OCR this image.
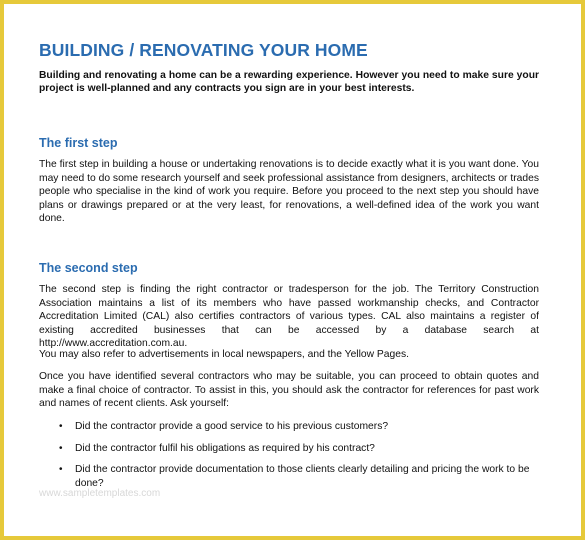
BUILDING / RENOVATING YOUR HOME

Building and renovating a home can be a rewarding experience. However you need to make sure your project is well-planned and any contracts you sign are in your best interests.

The first step

The first step in building a house or undertaking renovations is to decide exactly what it is you want done. You may need to do some research yourself and seek professional assistance from designers, architects or trades people who specialise in the kind of work you require. Before you proceed to the next step you should have plans or drawings prepared or at the very least, for renovations, a well-defined idea of the work you want done.

The second step

The second step is finding the right contractor or tradesperson for the job. The Territory Construction Association maintains a list of its members who have passed workmanship checks, and Contractor Accreditation Limited (CAL) also certifies contractors of various types. CAL also maintains a register of existing accredited businesses that can be accessed by a database search at http://www.accreditation.com.au.

You may also refer to advertisements in local newspapers, and the Yellow Pages.

Once you have identified several contractors who may be suitable, you can proceed to obtain quotes and make a final choice of contractor. To assist in this, you should ask the contractor for references for past work and names of recent clients. Ask yourself:

• Did the contractor provide a good service to his previous customers?
• Did the contractor fulfil his obligations as required by his contract?
• Did the contractor provide documentation to those clients clearly detailing and pricing the work to be done?
www.sampletemplates.com
